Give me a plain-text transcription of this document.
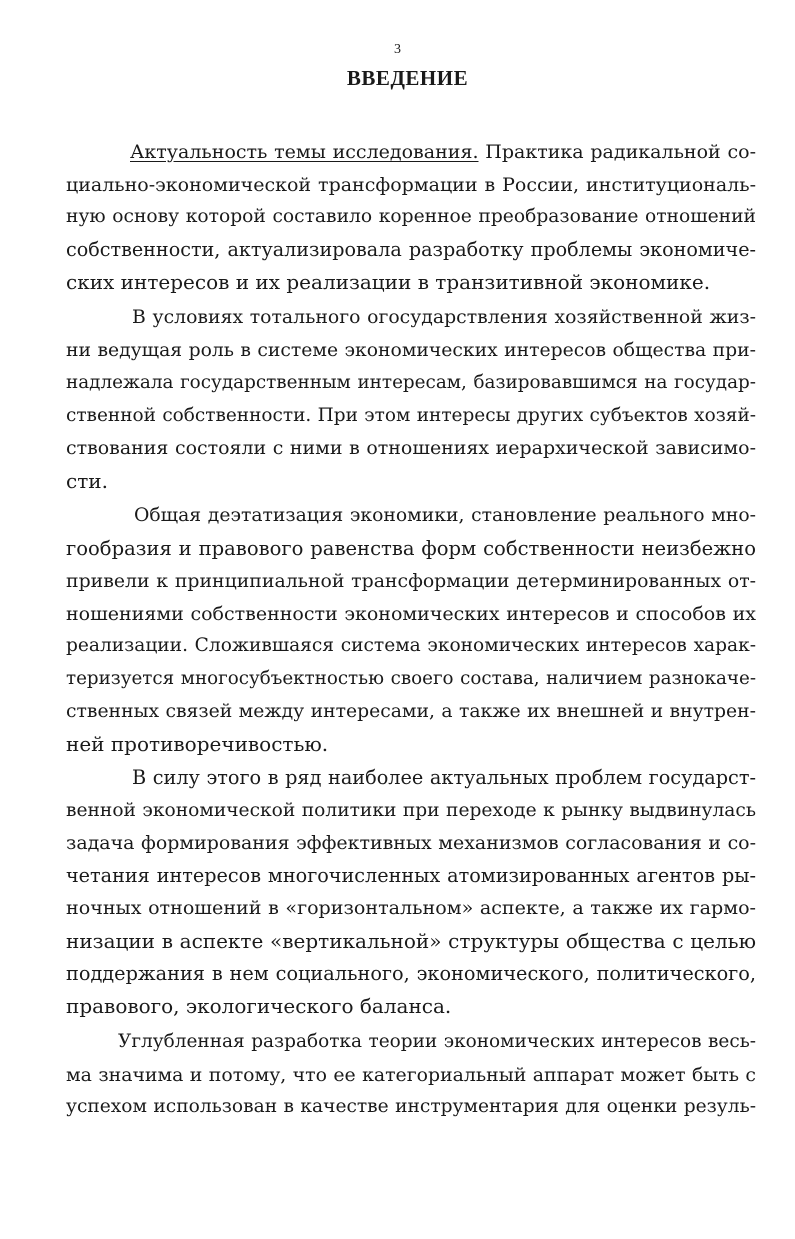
3
ВВЕДЕНИЕ
Актуальность темы исследования. Практика радикальной со-
циально-экономической трансформации в России, институциональ-
ную основу которой составило коренное преобразование отношений
собственности, актуализировала разработку проблемы экономиче-
ских интересов и их реализации в транзитивной экономике.
В условиях тотального огосударствления хозяйственной жиз-
ни ведущая роль в системе экономических интересов общества при-
надлежала государственным интересам, базировавшимся на государ-
ственной собственности. При этом интересы других субъектов хозяй-
ствования состояли с ними в отношениях иерархической зависимо-
сти.
Общая деэтатизация экономики, становление реального мно-
гообразия и правового равенства форм собственности неизбежно
привели к принципиальной трансформации детерминированных от-
ношениями собственности экономических интересов и способов их
реализации. Сложившаяся система экономических интересов харак-
теризуется многосубъектностью своего состава, наличием разнокаче-
ственных связей между интересами, а также их внешней и внутрен-
ней противоречивостью.
В силу этого в ряд наиболее актуальных проблем государст-
венной экономической политики при переходе к рынку выдвинулась
задача формирования эффективных механизмов согласования и со-
четания интересов многочисленных атомизированных агентов ры-
ночных отношений в «горизонтальном» аспекте, а также их гармо-
низации в аспекте «вертикальной» структуры общества с целью
поддержания в нем социального, экономического, политического,
правового, экологического баланса.
Углубленная разработка теории экономических интересов весь-
ма значима и потому, что ее категориальный аппарат может быть с
успехом использован в качестве инструментария для оценки резуль-
